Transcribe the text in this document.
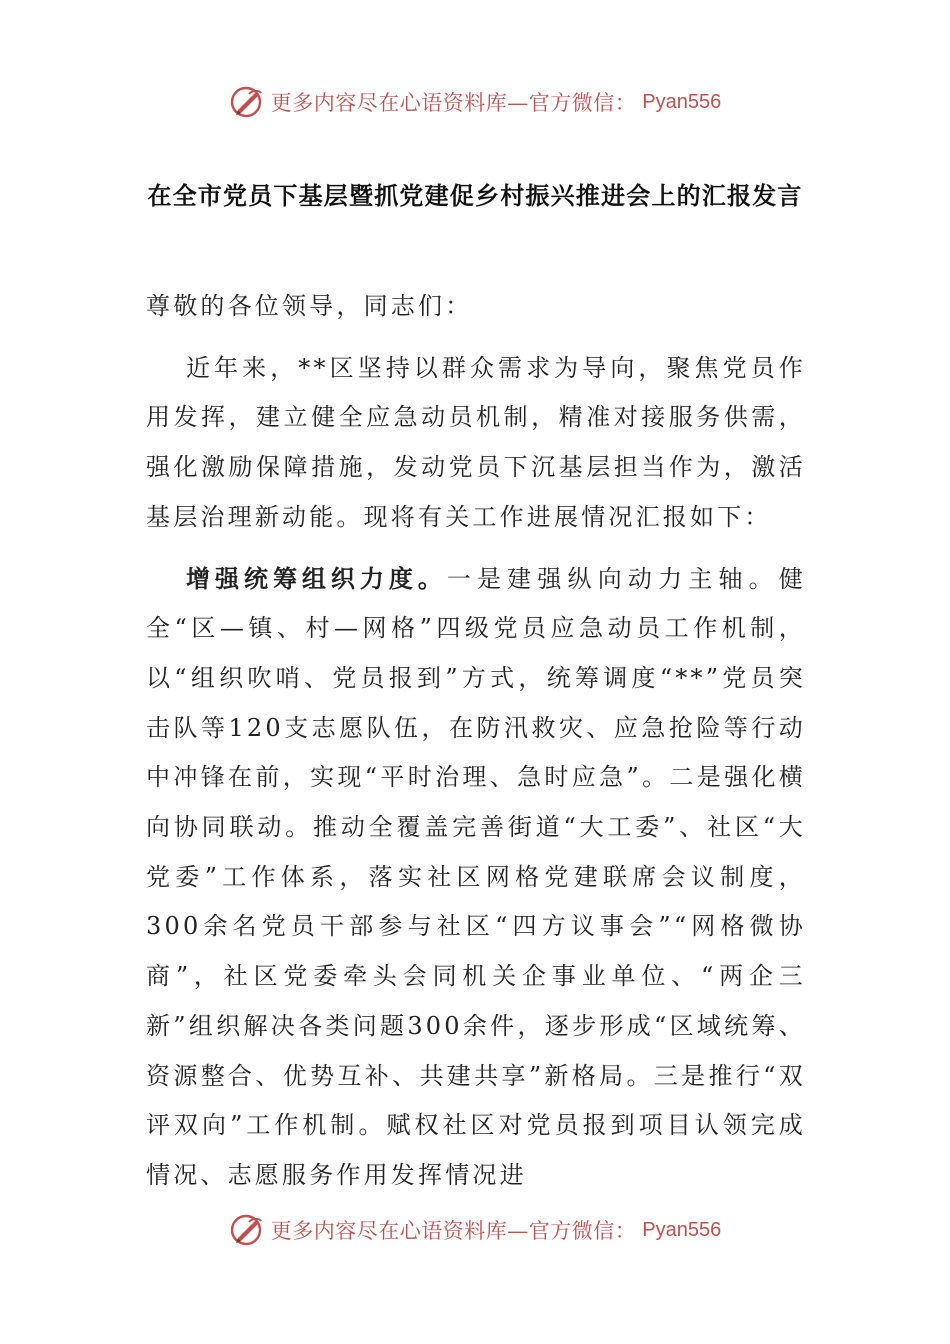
更多内容尽在心语资料库—官方微信： Pyan556
在全市党员下基层暨抓党建促乡村振兴推进会上的汇报发言

尊敬的各位领导，同志们：

近年来，**区坚持以群众需求为导向，聚焦党员作用发挥，建立健全应急动员机制，精准对接服务供需，强化激励保障措施，发动党员下沉基层担当作为，激活基层治理新动能。现将有关工作进展情况汇报如下：

增强统筹组织力度。一是建强纵向动力主轴。健全“区—镇、村—网格”四级党员应急动员工作机制，以“组织吹哨、党员报到”方式，统筹调度“**”党员突击队等120支志愿队伍，在防汛救灾、应急抢险等行动中冲锋在前，实现“平时治理、急时应急”。二是强化横向协同联动。推动全覆盖完善街道“大工委”、社区“大党委”工作体系，落实社区网格党建联席会议制度，300余名党员干部参与社区“四方议事会”“网格微协商”，社区党委牵头会同机关企事业单位、“两企三新”组织解决各类问题300余件，逐步形成“区域统筹、资源整合、优势互补、共建共享”新格局。三是推行“双评双向”工作机制。赋权社区对党员报到项目认领完成情况、志愿服务作用发挥情况进

更多内容尽在心语资料库—官方微信： Pyan556
